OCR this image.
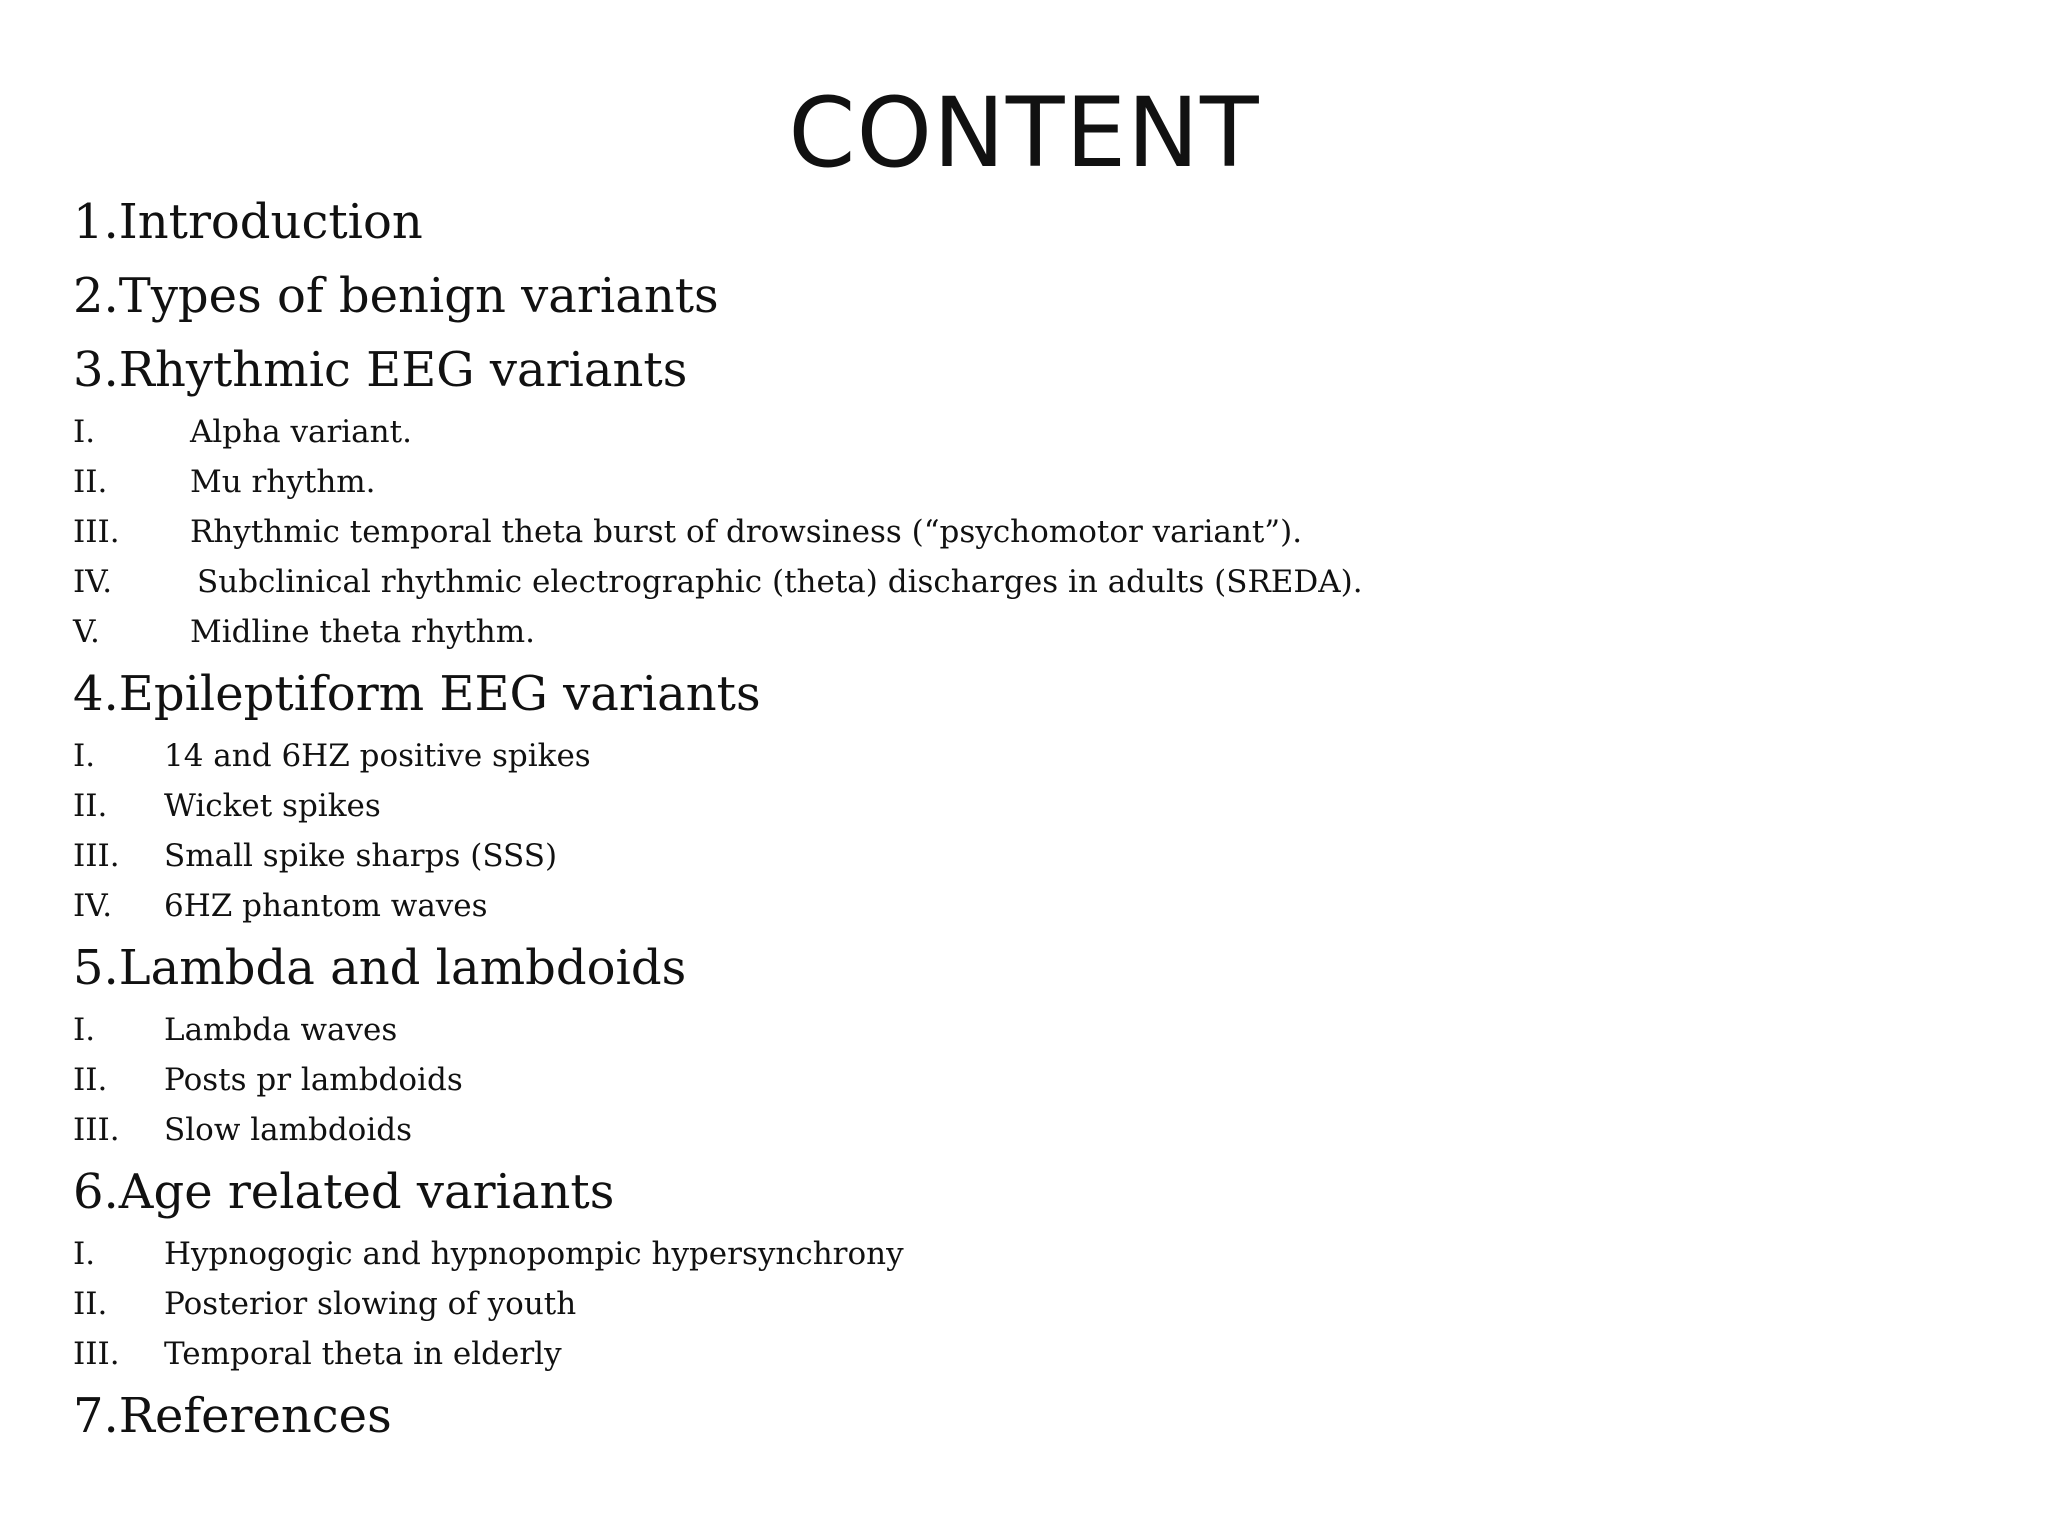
CONTENT
1.Introduction
2.Types of benign variants
3.Rhythmic EEG variants
I.	Alpha variant.
II.	Mu rhythm.
III. Rhythmic temporal theta burst of drowsiness (“psychomotor variant”).
IV.	Subclinical rhythmic electrographic (theta) discharges in adults (SREDA).
V.	Midline theta rhythm.
4.Epileptiform EEG variants
I. 14 and 6HZ positive spikes
II. Wicket spikes
III. Small spike sharps (SSS)
IV. 6HZ phantom waves
5.Lambda and lambdoids
I. Lambda waves
II. Posts pr lambdoids
III. Slow lambdoids
6.Age related variants
I. Hypnogogic and hypnopompic hypersynchrony
II. Posterior slowing of youth
III. Temporal theta in elderly
7.References
